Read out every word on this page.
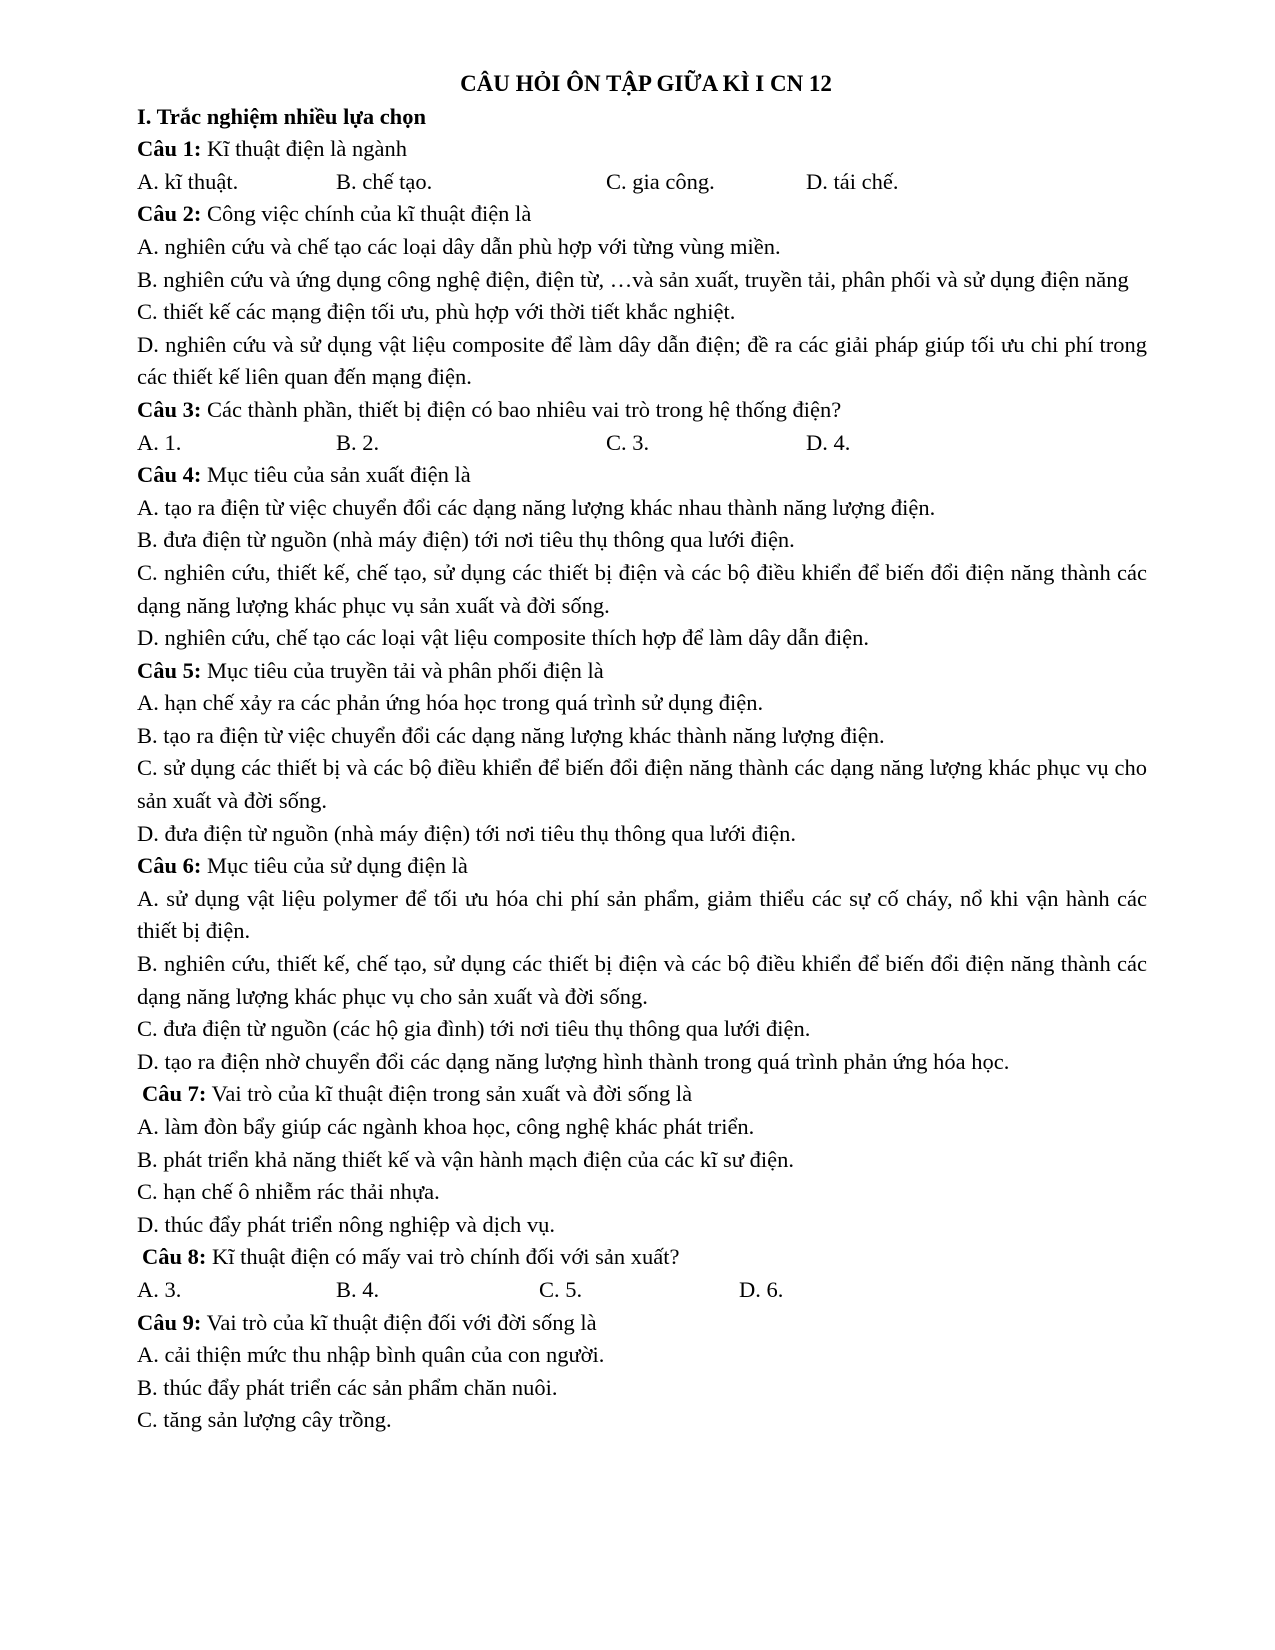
CÂU HỎI ÔN TẬP GIỮA KÌ I CN 12
I. Trắc nghiệm nhiều lựa chọn
Câu 1: Kĩ thuật điện là ngành
A. kĩ thuật.	B. chế tạo.	C. gia công.	D. tái chế.
Câu 2: Công việc chính của kĩ thuật điện là
A. nghiên cứu và chế tạo các loại dây dẫn phù hợp với từng vùng miền.
B. nghiên cứu và ứng dụng công nghệ điện, điện từ, …và sản xuất, truyền tải, phân phối và sử dụng điện năng
C. thiết kế các mạng điện tối ưu, phù hợp với thời tiết khắc nghiệt.
D. nghiên cứu và sử dụng vật liệu composite để làm dây dẫn điện; đề ra các giải pháp giúp tối ưu chi phí trong các thiết kế liên quan đến mạng điện.
Câu 3: Các thành phần, thiết bị điện có bao nhiêu vai trò trong hệ thống điện?
A. 1.	B. 2.	C. 3.	D. 4.
Câu 4: Mục tiêu của sản xuất điện là
A. tạo ra điện từ việc chuyển đổi các dạng năng lượng khác nhau thành năng lượng điện.
B. đưa điện từ nguồn (nhà máy điện) tới nơi tiêu thụ thông qua lưới điện.
C. nghiên cứu, thiết kế, chế tạo, sử dụng các thiết bị điện và các bộ điều khiển để biến đổi điện năng thành các dạng năng lượng khác phục vụ sản xuất và đời sống.
D. nghiên cứu, chế tạo các loại vật liệu composite thích hợp để làm dây dẫn điện.
Câu 5: Mục tiêu của truyền tải và phân phối điện là
A. hạn chế xảy ra các phản ứng hóa học trong quá trình sử dụng điện.
B. tạo ra điện từ việc chuyển đổi các dạng năng lượng khác thành năng lượng điện.
C. sử dụng các thiết bị và các bộ điều khiển để biến đổi điện năng thành các dạng năng lượng khác phục vụ cho sản xuất và đời sống.
D. đưa điện từ nguồn (nhà máy điện) tới nơi tiêu thụ thông qua lưới điện.
Câu 6: Mục tiêu của sử dụng điện là
A. sử dụng vật liệu polymer để tối ưu hóa chi phí sản phẩm, giảm thiểu các sự cố cháy, nổ khi vận hành các thiết bị điện.
B. nghiên cứu, thiết kế, chế tạo, sử dụng các thiết bị điện và các bộ điều khiển để biến đổi điện năng thành các dạng năng lượng khác phục vụ cho sản xuất và đời sống.
C. đưa điện từ nguồn (các hộ gia đình) tới nơi tiêu thụ thông qua lưới điện.
D. tạo ra điện nhờ chuyển đổi các dạng năng lượng hình thành trong quá trình phản ứng hóa học.
Câu 7: Vai trò của kĩ thuật điện trong sản xuất và đời sống là
A. làm đòn bẩy giúp các ngành khoa học, công nghệ khác phát triển.
B. phát triển khả năng thiết kế và vận hành mạch điện của các kĩ sư điện.
C. hạn chế ô nhiễm rác thải nhựa.
D. thúc đẩy phát triển nông nghiệp và dịch vụ.
Câu 8: Kĩ thuật điện có mấy vai trò chính đối với sản xuất?
A. 3.	B. 4.	C. 5.	D. 6.
Câu 9: Vai trò của kĩ thuật điện đối với đời sống là
A. cải thiện mức thu nhập bình quân của con người.
B. thúc đẩy phát triển các sản phẩm chăn nuôi.
C. tăng sản lượng cây trồng.
